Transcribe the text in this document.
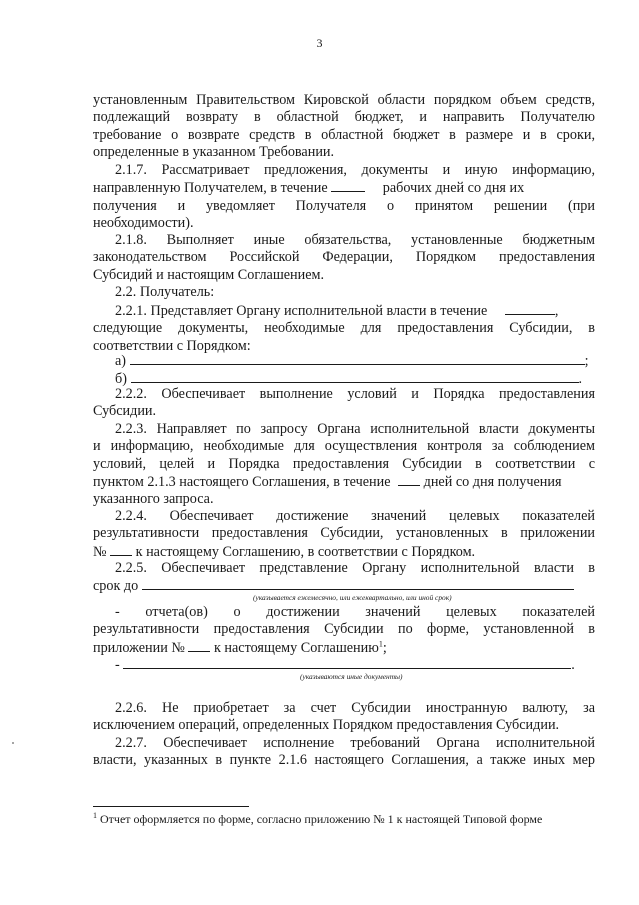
3
установленным Правительством Кировской области порядком объем средств,
подлежащий возврату в областной бюджет, и направить Получателю
требование о возврате средств в областной бюджет в размере и в сроки,
определенные в указанном Требовании.
2.1.7. Рассматривает предложения, документы и иную информацию,
направленную Получателем, в течение	рабочих дней со дня их
получения и уведомляет Получателя о принятом решении (при
необходимости).
2.1.8. Выполняет иные обязательства, установленные бюджетным
законодательством Российской Федерации, Порядком предоставления
Субсидий и настоящим Соглашением.
2.2. Получатель:
2.2.1. Представляет Органу исполнительной власти в течение	,
следующие документы, необходимые для предоставления Субсидии, в
соответствии с Порядком:
а)	;
б)	.
2.2.2. Обеспечивает выполнение условий и Порядка предоставления
Субсидии.
2.2.3. Направляет по запросу Органа исполнительной власти документы
и информацию, необходимые для осуществления контроля за соблюдением
условий, целей и Порядка предоставления Субсидии в соответствии с
пунктом 2.1.3 настоящего Соглашения, в течение дней со дня получения
указанного запроса.
2.2.4. Обеспечивает достижение значений целевых показателей
результативности предоставления Субсидии, установленных в приложении
№ к настоящему Соглашению, в соответствии с Порядком.
2.2.5. Обеспечивает представление Органу исполнительной власти в
срок до
(указывается ежемесячно, или ежеквартально, или иной срок)
- отчета(ов) о достижении значений целевых показателей
результативности предоставления Субсидии по форме, установленной в
приложении № к настоящему Соглашению$^1$;
-	.
(указываются иные документы)
2.2.6. Не приобретает за счет Субсидии иностранную валюту, за
исключением операций, определенных Порядком предоставления Субсидии.
2.2.7. Обеспечивает исполнение требований Органа исполнительной
власти, указанных в пункте 2.1.6 настоящего Соглашения, а также иных мер
$^1$ Отчет оформляется по форме, согласно приложению № 1 к настоящей Типовой форме
